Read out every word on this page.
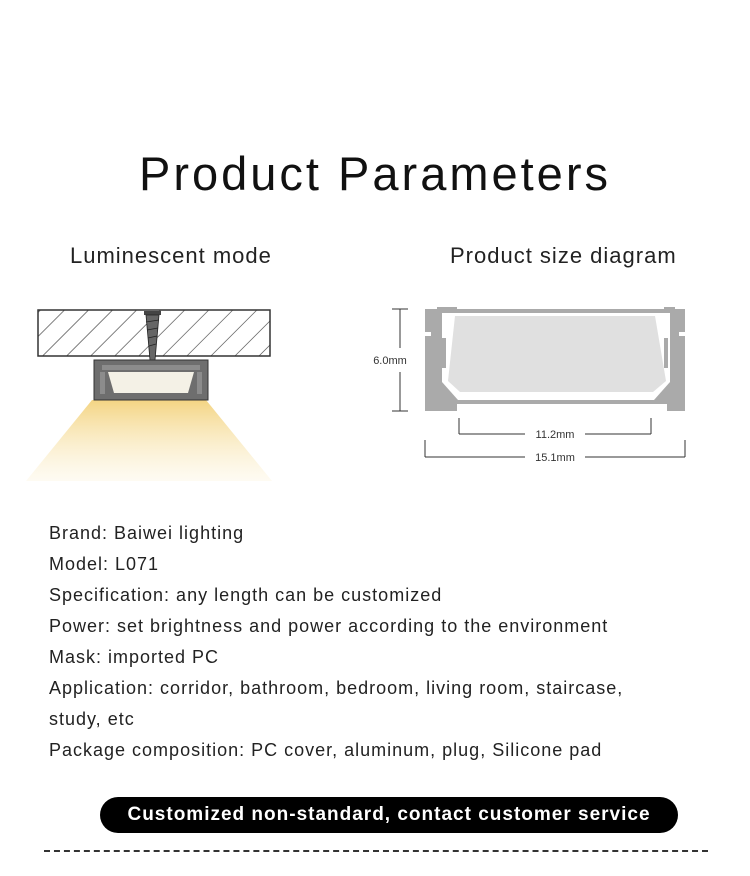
Product Parameters
Luminescent mode	Product size diagram
6.0mm
11.2mm
15.1mm
Brand: Baiwei lighting
Model: L071
Specification: any length can be customized
Power: set brightness and power according to the environment
Mask: imported PC
Application: corridor, bathroom, bedroom, living room, staircase,
study, etc
Package composition: PC cover, aluminum, plug, Silicone pad
Customized non-standard, contact customer service
